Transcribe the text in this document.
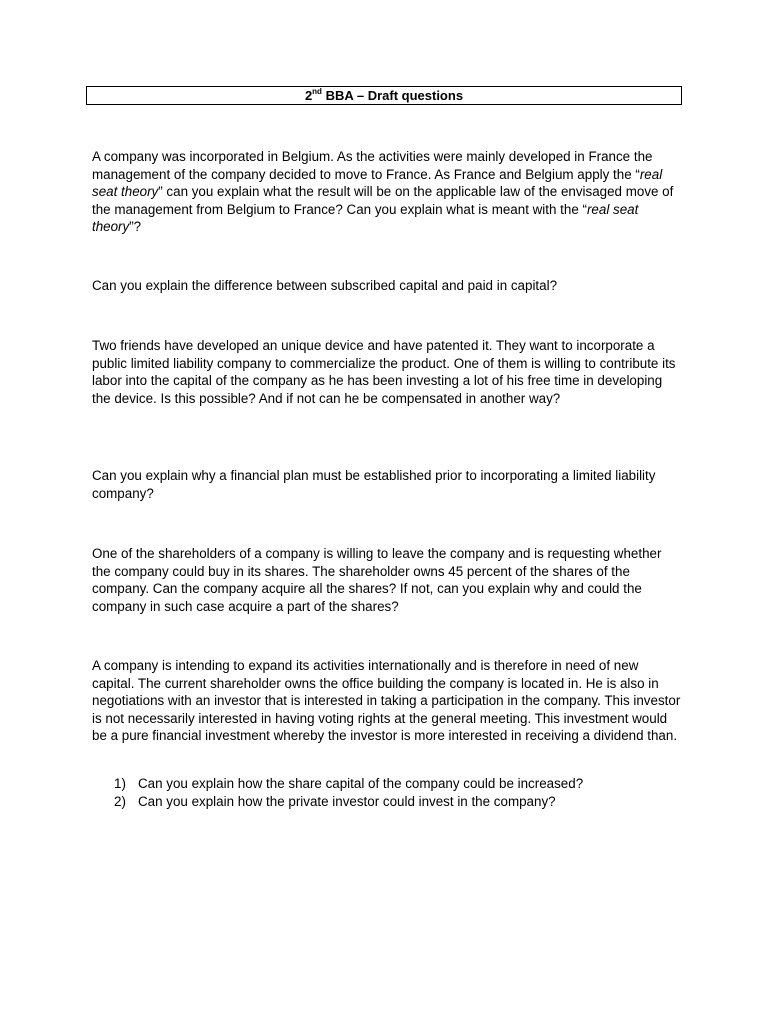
2nd BBA – Draft questions

A company was incorporated in Belgium. As the activities were mainly developed in France the management of the company decided to move to France. As France and Belgium apply the “real seat theory” can you explain what the result will be on the applicable law of the envisaged move of the management from Belgium to France? Can you explain what is meant with the “real seat theory”?

Can you explain the difference between subscribed capital and paid in capital?

Two friends have developed an unique device and have patented it. They want to incorporate a public limited liability company to commercialize the product. One of them is willing to contribute its labor into the capital of the company as he has been investing a lot of his free time in developing the device. Is this possible? And if not can he be compensated in another way?

Can you explain why a financial plan must be established prior to incorporating a limited liability company?

One of the shareholders of a company is willing to leave the company and is requesting whether the company could buy in its shares. The shareholder owns 45 percent of the shares of the company. Can the company acquire all the shares? If not, can you explain why and could the company in such case acquire a part of the shares?

A company is intending to expand its activities internationally and is therefore in need of new capital. The current shareholder owns the office building the company is located in. He is also in negotiations with an investor that is interested in taking a participation in the company. This investor is not necessarily interested in having voting rights at the general meeting. This investment would be a pure financial investment whereby the investor is more interested in receiving a dividend than.

1) Can you explain how the share capital of the company could be increased?
2) Can you explain how the private investor could invest in the company?
